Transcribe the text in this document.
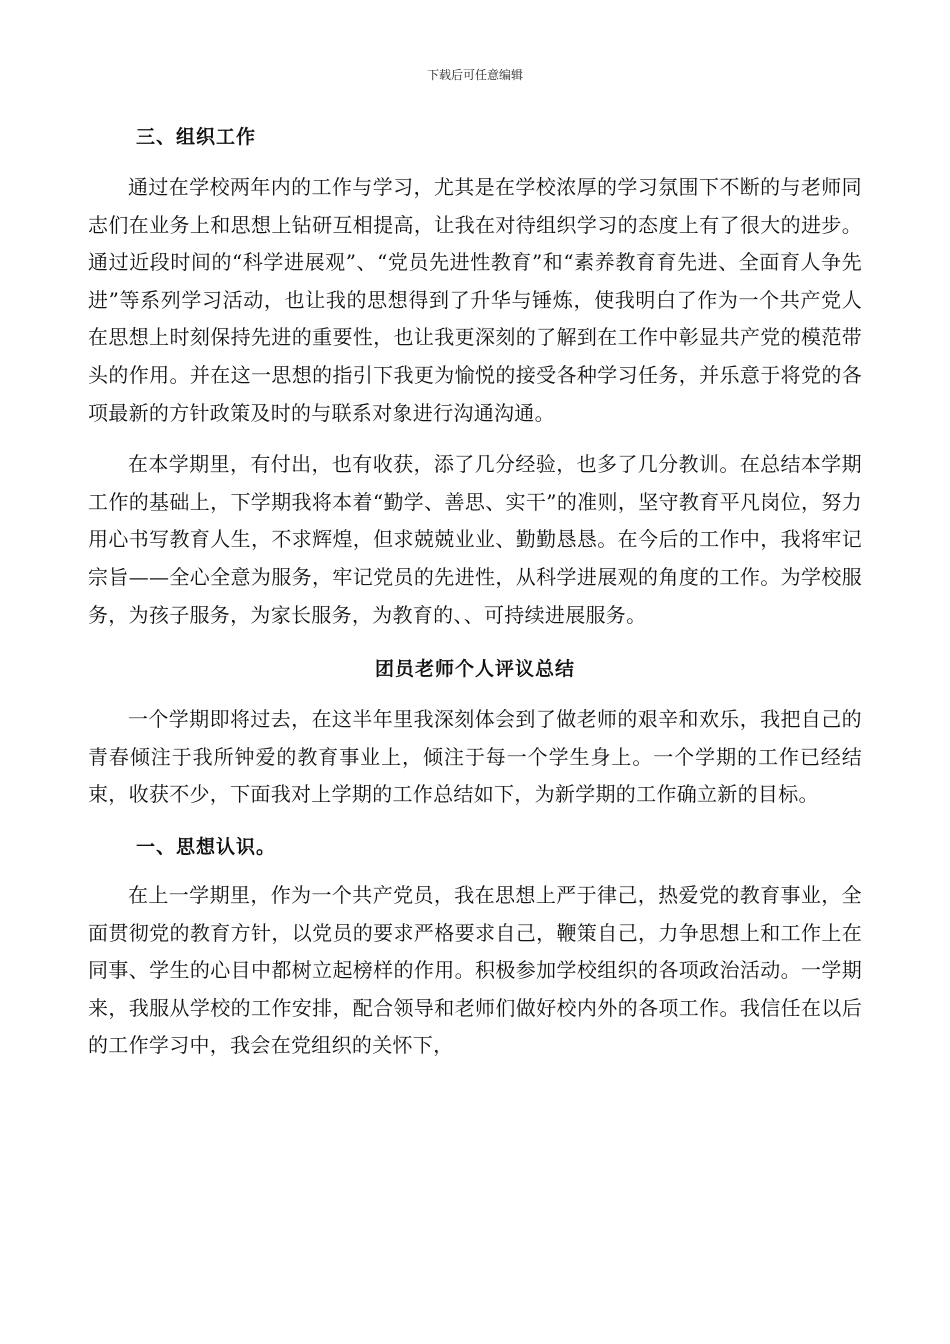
下载后可任意编辑
三、组织工作

通过在学校两年内的工作与学习，尤其是在学校浓厚的学习氛围下不断的与老师同志们在业务上和思想上钻研互相提高，让我在对待组织学习的态度上有了很大的进步。通过近段时间的“科学进展观”、“党员先进性教育”和“素养教育育先进、全面育人争先进”等系列学习活动，也让我的思想得到了升华与锤炼，使我明白了作为一个共产党人在思想上时刻保持先进的重要性，也让我更深刻的了解到在工作中彰显共产党的模范带头的作用。并在这一思想的指引下我更为愉悦的接受各种学习任务，并乐意于将党的各项最新的方针政策及时的与联系对象进行沟通沟通。

在本学期里，有付出，也有收获，添了几分经验，也多了几分教训。在总结本学期工作的基础上，下学期我将本着“勤学、善思、实干”的准则，坚守教育平凡岗位，努力用心书写教育人生，不求辉煌，但求兢兢业业、勤勤恳恳。在今后的工作中，我将牢记宗旨——全心全意为服务，牢记党员的先进性，从科学进展观的角度的工作。为学校服务，为孩子服务，为家长服务，为教育的、、可持续进展服务。

团员老师个人评议总结

一个学期即将过去，在这半年里我深刻体会到了做老师的艰辛和欢乐，我把自己的青春倾注于我所钟爱的教育事业上，倾注于每一个学生身上。一个学期的工作已经结束，收获不少，下面我对上学期的工作总结如下，为新学期的工作确立新的目标。

一、思想认识。

在上一学期里，作为一个共产党员，我在思想上严于律己，热爱党的教育事业，全面贯彻党的教育方针，以党员的要求严格要求自己，鞭策自己，力争思想上和工作上在同事、学生的心目中都树立起榜样的作用。积极参加学校组织的各项政治活动。一学期来，我服从学校的工作安排，配合领导和老师们做好校内外的各项工作。我信任在以后的工作学习中，我会在党组织的关怀下，
